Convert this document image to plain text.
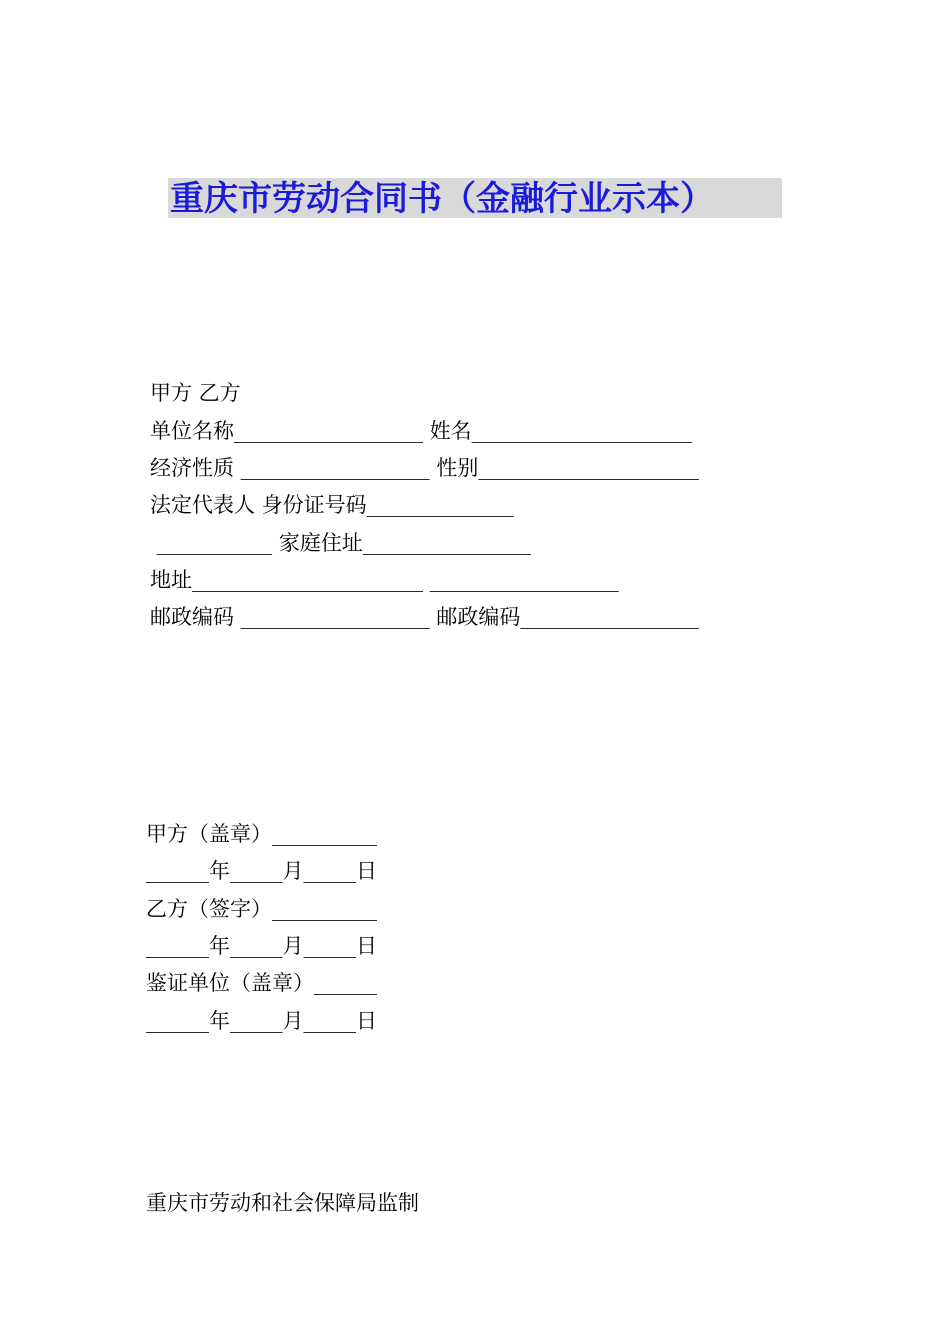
重庆市劳动合同书（金融行业示本）
甲方 乙方
单位名称__________________ 姓名_____________________
经济性质 __________________ 性别_____________________
法定代表人 身份证号码______________
___________ 家庭住址________________
地址______________________ __________________
邮政编码 __________________ 邮政编码_________________
甲方（盖章）__________
______年_____月_____日
乙方（签字）__________
______年_____月_____日
鉴证单位（盖章）______
______年_____月_____日
重庆市劳动和社会保障局监制
